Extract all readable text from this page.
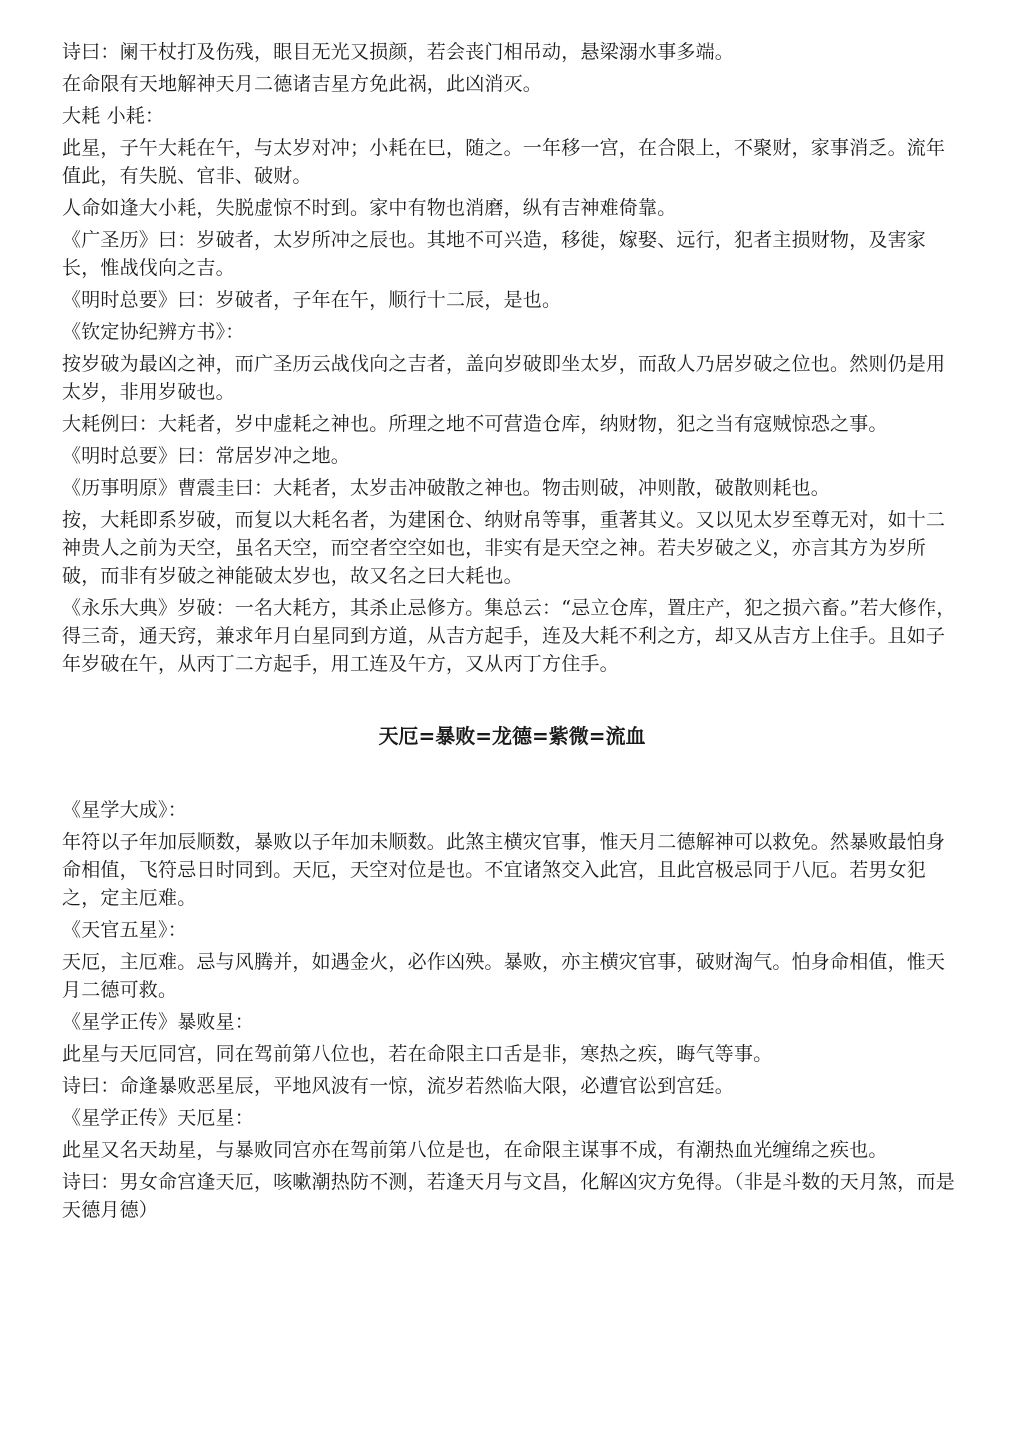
诗曰：阑干杖打及伤残，眼目无光又损颜，若会丧门相吊动，悬梁溺水事多端。

在命限有天地解神天月二德诸吉星方免此祸，此凶消灭。

大耗 小耗：

此星，子午大耗在午，与太岁对冲；小耗在巳，随之。一年移一宫，在合限上，不聚财，家事消乏。流年值此，有失脱、官非、破财。

人命如逢大小耗，失脱虚惊不时到。家中有物也消磨，纵有吉神难倚靠。

《广圣历》曰：岁破者，太岁所冲之辰也。其地不可兴造，移徙，嫁娶、远行，犯者主损财物，及害家长，惟战伐向之吉。

《明时总要》曰：岁破者，子年在午，顺行十二辰，是也。

《钦定协纪辨方书》：

按岁破为最凶之神，而广圣历云战伐向之吉者，盖向岁破即坐太岁，而敌人乃居岁破之位也。然则仍是用太岁，非用岁破也。

大耗例曰：大耗者，岁中虚耗之神也。所理之地不可营造仓库，纳财物，犯之当有寇贼惊恐之事。

《明时总要》曰：常居岁冲之地。

《历事明原》曹震圭曰：大耗者，太岁击冲破散之神也。物击则破，冲则散，破散则耗也。

按，大耗即系岁破，而复以大耗名者，为建囷仓、纳财帛等事，重著其义。又以见太岁至尊无对，如十二神贵人之前为天空，虽名天空，而空者空空如也，非实有是天空之神。若夫岁破之义，亦言其方为岁所破，而非有岁破之神能破太岁也，故又名之曰大耗也。

《永乐大典》岁破：一名大耗方，其杀止忌修方。集总云：“忌立仓库，置庄产，犯之损六畜。”若大修作，得三奇，通天窍，兼求年月白星同到方道，从吉方起手，连及大耗不利之方，却又从吉方上住手。且如子年岁破在午，从丙丁二方起手，用工连及午方，又从丙丁方住手。

天厄=暴败=龙德=紫微=流血

《星学大成》：

年符以子年加辰顺数，暴败以子年加未顺数。此煞主横灾官事，惟天月二德解神可以救免。然暴败最怕身命相值，飞符忌日时同到。天厄，天空对位是也。不宜诸煞交入此宫，且此宫极忌同于八厄。若男女犯之，定主厄难。

《天官五星》：

天厄，主厄难。忌与风腾并，如遇金火，必作凶殃。暴败，亦主横灾官事，破财淘气。怕身命相值，惟天月二德可救。

《星学正传》暴败星：

此星与天厄同宫，同在驾前第八位也，若在命限主口舌是非，寒热之疾，晦气等事。

诗曰：命逢暴败恶星辰，平地风波有一惊，流岁若然临大限，必遭官讼到宫廷。

《星学正传》天厄星：

此星又名天劫星，与暴败同宫亦在驾前第八位是也，在命限主谋事不成，有潮热血光缠绵之疾也。

诗曰：男女命宫逢天厄，咳嗽潮热防不测，若逢天月与文昌，化解凶灾方免得。（非是斗数的天月煞，而是天德月德）
